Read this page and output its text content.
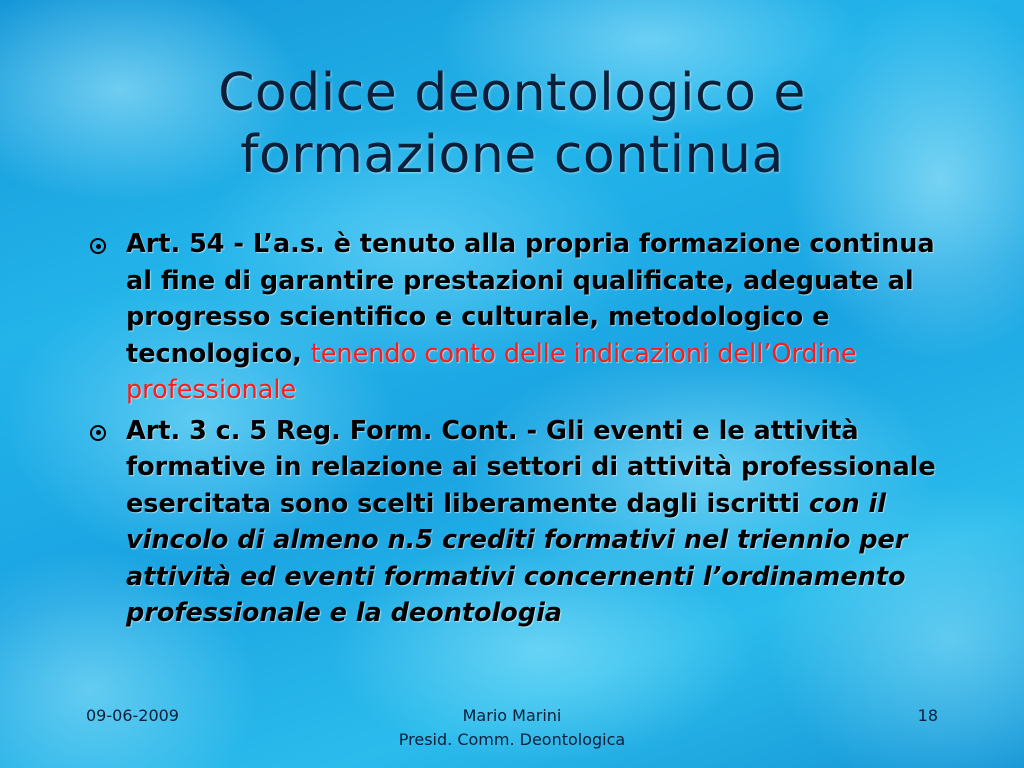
Codice deontologico e
formazione continua
Art. 54 - L’a.s. è tenuto alla propria formazione continua al fine di garantire prestazioni qualificate, adeguate al progresso scientifico e culturale, metodologico e tecnologico, tenendo conto delle indicazioni dell’Ordine professionale
Art. 3 c. 5 Reg. Form. Cont. - Gli eventi e le attività formative in relazione ai settori di attività professionale esercitata sono scelti liberamente dagli iscritti con il vincolo di almeno n.5 crediti formativi nel triennio per attività ed eventi formativi concernenti l’ordinamento professionale e la deontologia
09-06-2009	Mario Marini
Presid. Comm. Deontologica
18
